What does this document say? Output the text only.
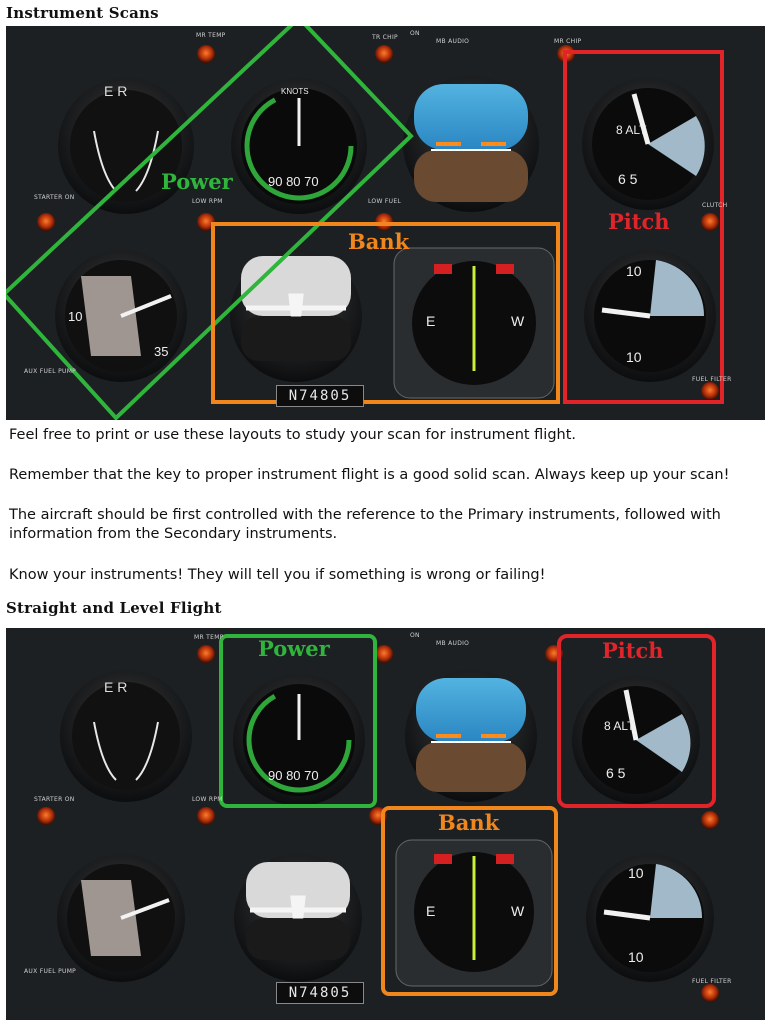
Instrument Scans
E R	KNOTS
90 80 70
8 ALT
6 5
10
35
E	W
10
10
MR TEMP	TR CHIP
ON
MB AUDIO	MR CHIP
STARTER ON
LOW RPM	LOW FUEL
CLUTCH
AUX FUEL PUMP
FUEL FILTER
Power
Bank
Pitch
N74805
Feel free to print or use these layouts to study your scan for instrument flight.
Remember that the key to proper instrument flight is a good solid scan. Always keep up your scan!
The aircraft should be first controlled with the reference to the Primary instruments, followed with information from the Secondary instruments.
Know your instruments! They will tell you if something is wrong or failing!
Straight and Level Flight
E R
90 80 70
8 ALT
6 5
E	W
10
10
MR TEMP	ON
MB AUDIO
STARTER ON	LOW RPM
AUX FUEL PUMP
FUEL FILTER
Power	Pitch
Bank
N74805
